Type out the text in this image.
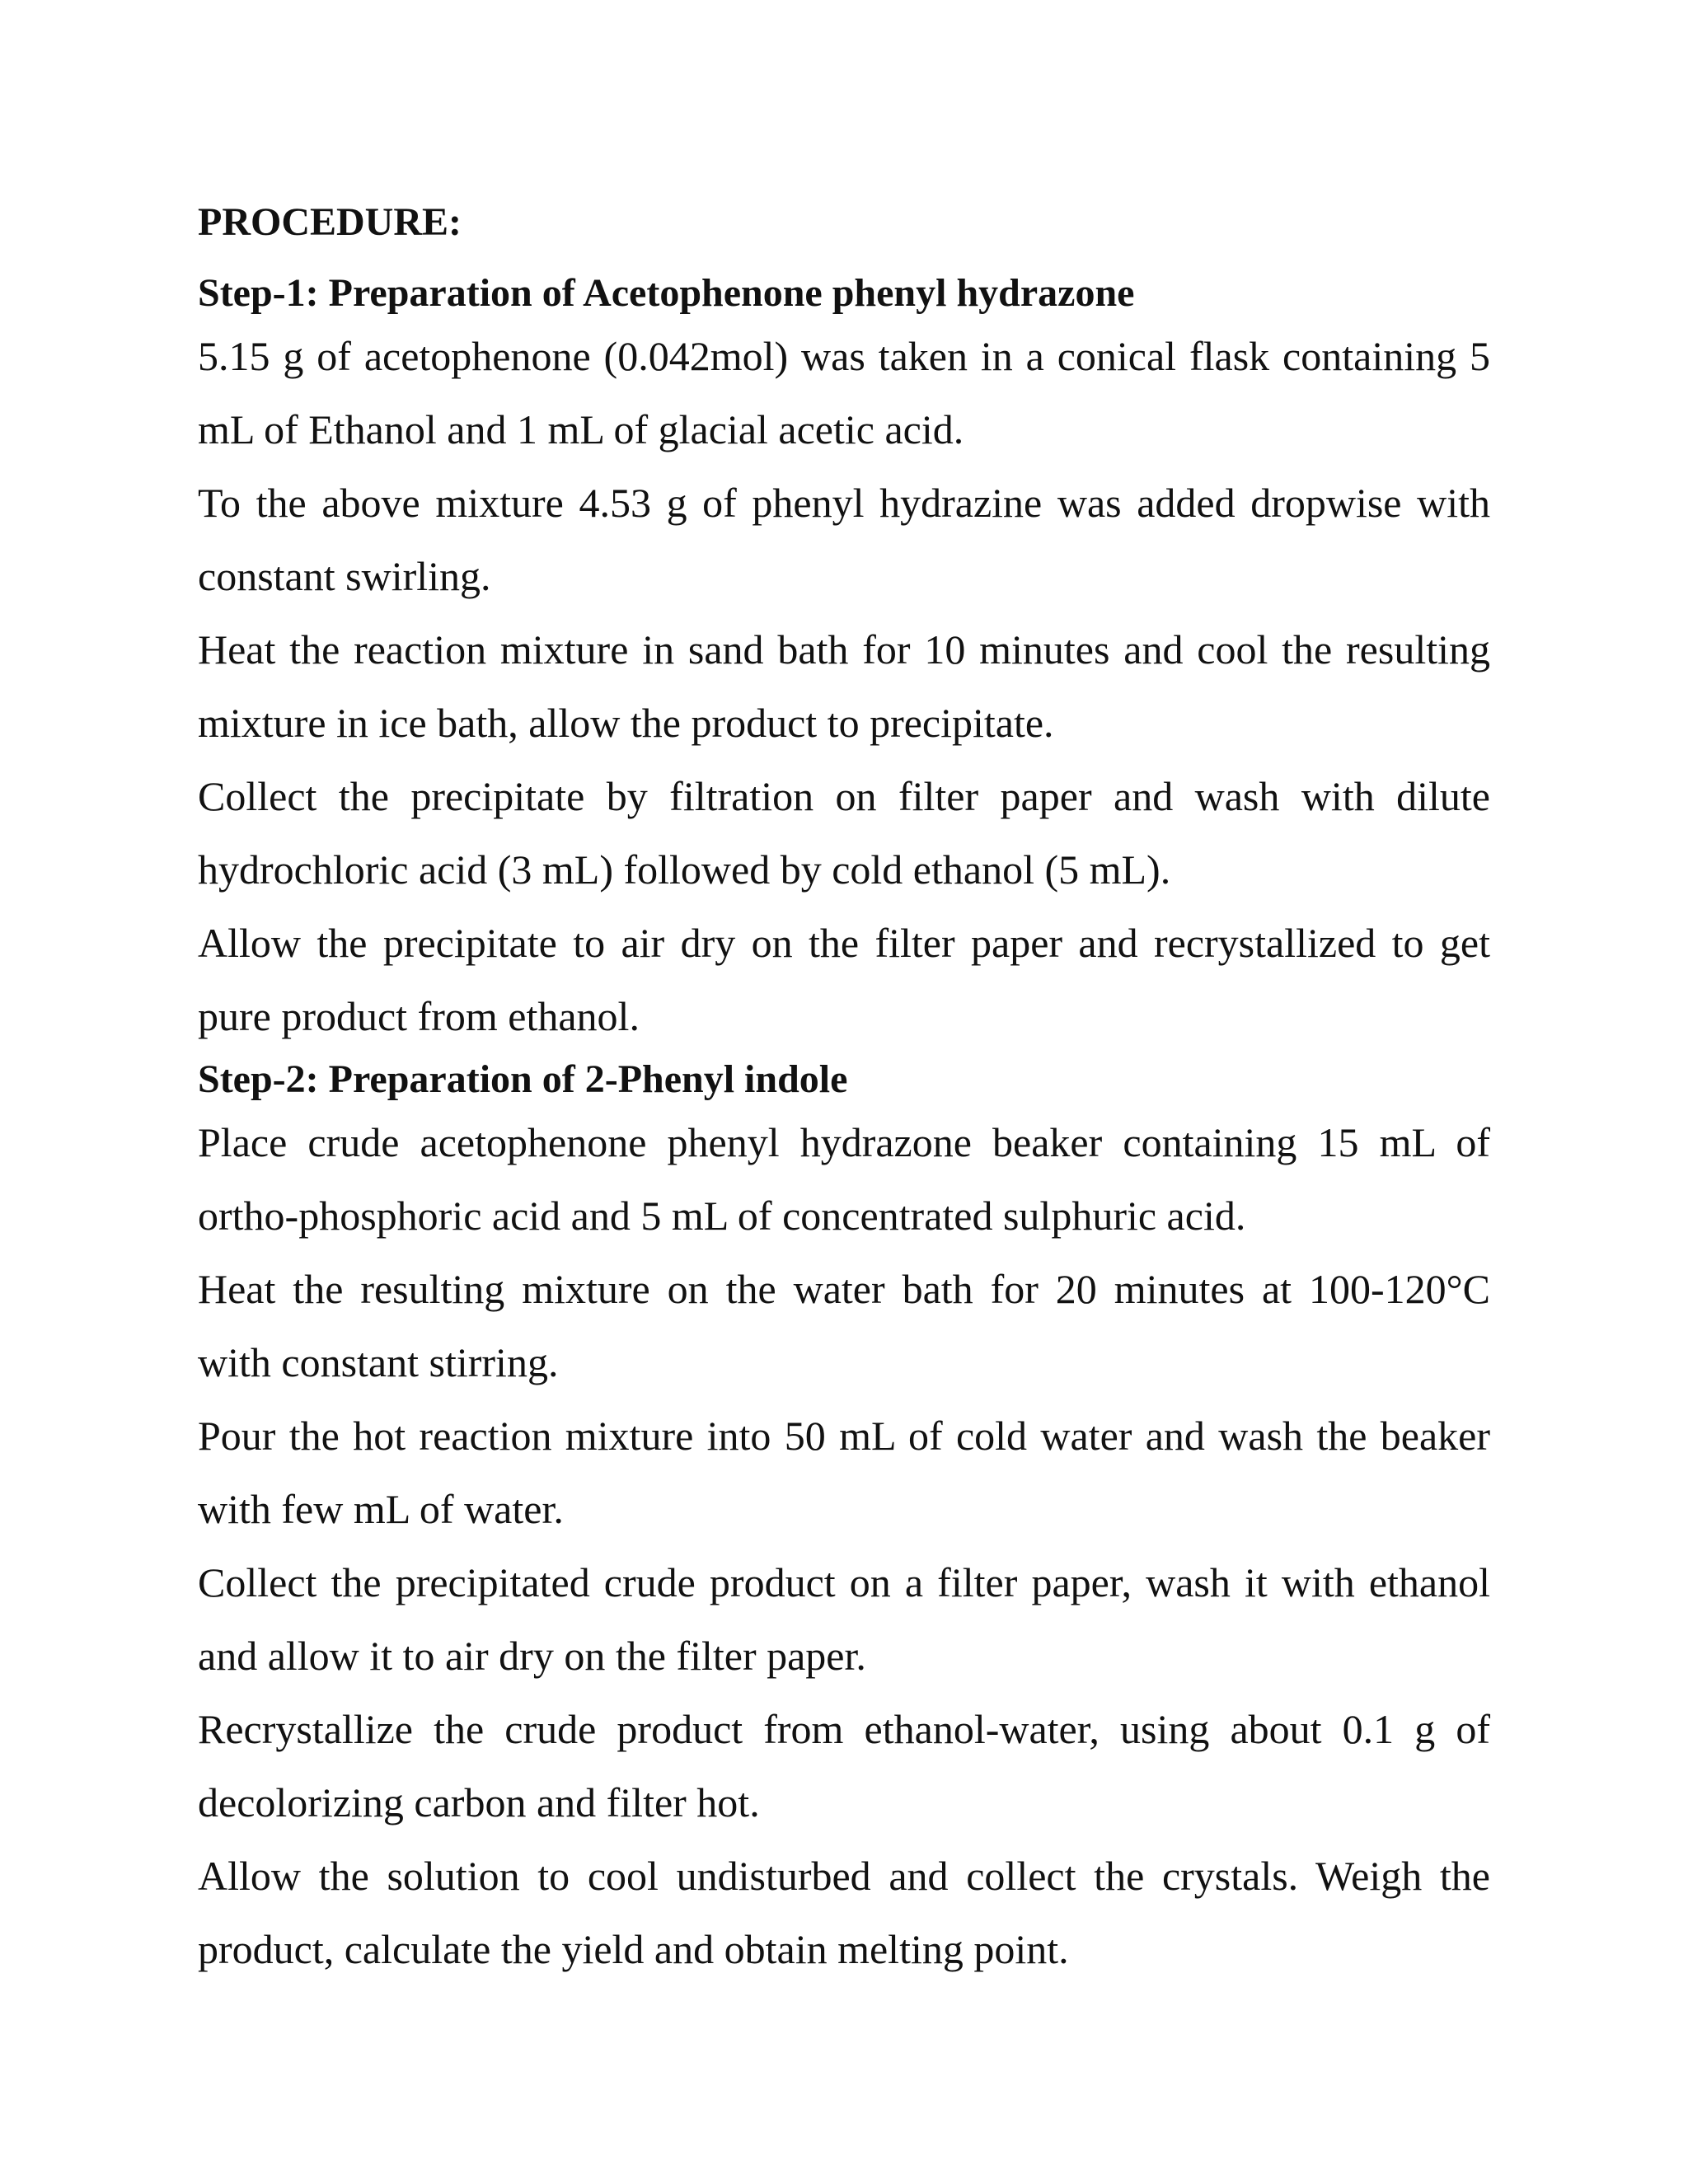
PROCEDURE:
Step-1: Preparation of Acetophenone phenyl hydrazone

5.15 g of acetophenone (0.042mol) was taken in a conical flask containing 5 mL of Ethanol and 1 mL of glacial acetic acid.

To the above mixture 4.53 g of phenyl hydrazine was added dropwise with constant swirling.

Heat the reaction mixture in sand bath for 10 minutes and cool the resulting mixture in ice bath, allow the product to precipitate.

Collect the precipitate by filtration on filter paper and wash with dilute hydrochloric acid (3 mL) followed by cold ethanol (5 mL).

Allow the precipitate to air dry on the filter paper and recrystallized to get pure product from ethanol.

Step-2: Preparation of 2-Phenyl indole

Place crude acetophenone phenyl hydrazone beaker containing 15 mL of ortho-phosphoric acid and 5 mL of concentrated sulphuric acid.

Heat the resulting mixture on the water bath for 20 minutes at 100-120°C with constant stirring.

Pour the hot reaction mixture into 50 mL of cold water and wash the beaker with few mL of water.

Collect the precipitated crude product on a filter paper, wash it with ethanol and allow it to air dry on the filter paper.

Recrystallize the crude product from ethanol-water, using about 0.1 g of decolorizing carbon and filter hot.

Allow the solution to cool undisturbed and collect the crystals. Weigh the product, calculate the yield and obtain melting point.
